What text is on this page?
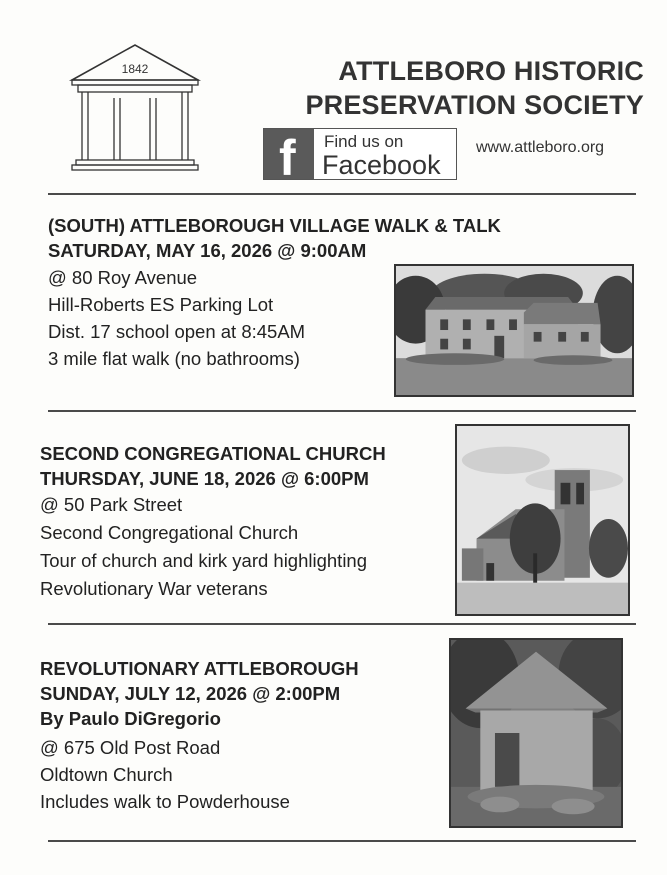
1842	ATTLEBORO HISTORIC
PRESERVATION SOCIETY
f Find us on
Facebook
www.attleboro.org
(SOUTH) ATTLEBOROUGH VILLAGE WALK & TALK
SATURDAY, MAY 16, 2026 @ 9:00AM
@ 80 Roy Avenue
Hill-Roberts ES Parking Lot
Dist. 17 school open at 8:45AM
3 mile flat walk (no bathrooms)
SECOND CONGREGATIONAL CHURCH
THURSDAY, JUNE 18, 2026 @ 6:00PM
@ 50 Park Street
Second Congregational Church
Tour of church and kirk yard highlighting
Revolutionary War veterans
REVOLUTIONARY ATTLEBOROUGH
SUNDAY, JULY 12, 2026 @ 2:00PM
By Paulo DiGregorio
@ 675 Old Post Road
Oldtown Church
Includes walk to Powderhouse
